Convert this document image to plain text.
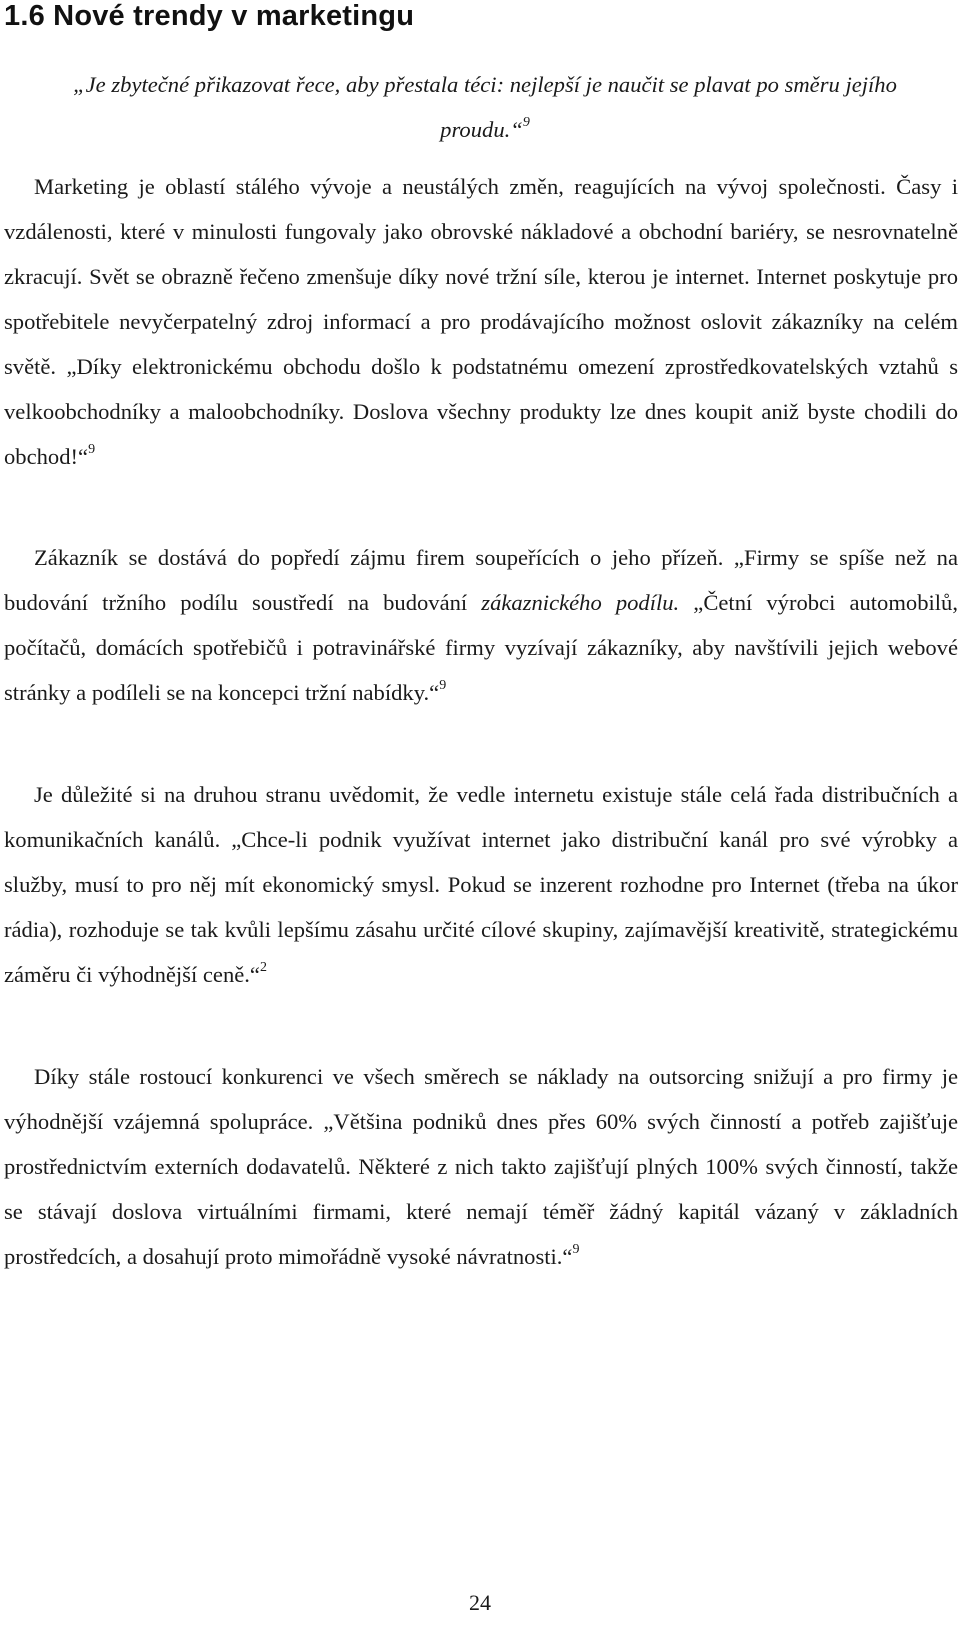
1.6 Nové trendy v marketingu

„Je zbytečné přikazovat řece, aby přestala téci: nejlepší je naučit se plavat po směru jejího proudu.“$^9$

Marketing je oblastí stálého vývoje a neustálých změn, reagujících na vývoj společnosti. Časy i vzdálenosti, které v minulosti fungovaly jako obrovské nákladové a obchodní bariéry, se nesrovnatelně zkracují. Svět se obrazně řečeno zmenšuje díky nové tržní síle, kterou je internet. Internet poskytuje pro spotřebitele nevyčerpatelný zdroj informací a pro prodávajícího možnost oslovit zákazníky na celém světě. „Díky elektronickému obchodu došlo k podstatnému omezení zprostředkovatelských vztahů s velkoobchodníky a maloobchodníky. Doslova všechny produkty lze dnes koupit aniž byste chodili do obchod!“$^9$

Zákazník se dostává do popředí zájmu firem soupeřících o jeho přízeň. „Firmy se spíše než na budování tržního podílu soustředí na budování zákaznického podílu. „Četní výrobci automobilů, počítačů, domácích spotřebičů i potravinářské firmy vyzívají zákazníky, aby navštívili jejich webové stránky a podíleli se na koncepci tržní nabídky.“$^9$

Je důležité si na druhou stranu uvědomit, že vedle internetu existuje stále celá řada distribučních a komunikačních kanálů. „Chce-li podnik využívat internet jako distribuční kanál pro své výrobky a služby, musí to pro něj mít ekonomický smysl. Pokud se inzerent rozhodne pro Internet (třeba na úkor rádia), rozhoduje se tak kvůli lepšímu zásahu určité cílové skupiny, zajímavější kreativitě, strategickému záměru či výhodnější ceně.“$^2$

Díky stále rostoucí konkurenci ve všech směrech se náklady na outsorcing snižují a pro firmy je výhodnější vzájemná spolupráce. „Většina podniků dnes přes 60% svých činností a potřeb zajišťuje prostřednictvím externích dodavatelů. Některé z nich takto zajišťují plných 100% svých činností, takže se stávají doslova virtuálními firmami, které nemají téměř žádný kapitál vázaný v základních prostředcích, a dosahují proto mimořádně vysoké návratnosti.“$^9$

24
